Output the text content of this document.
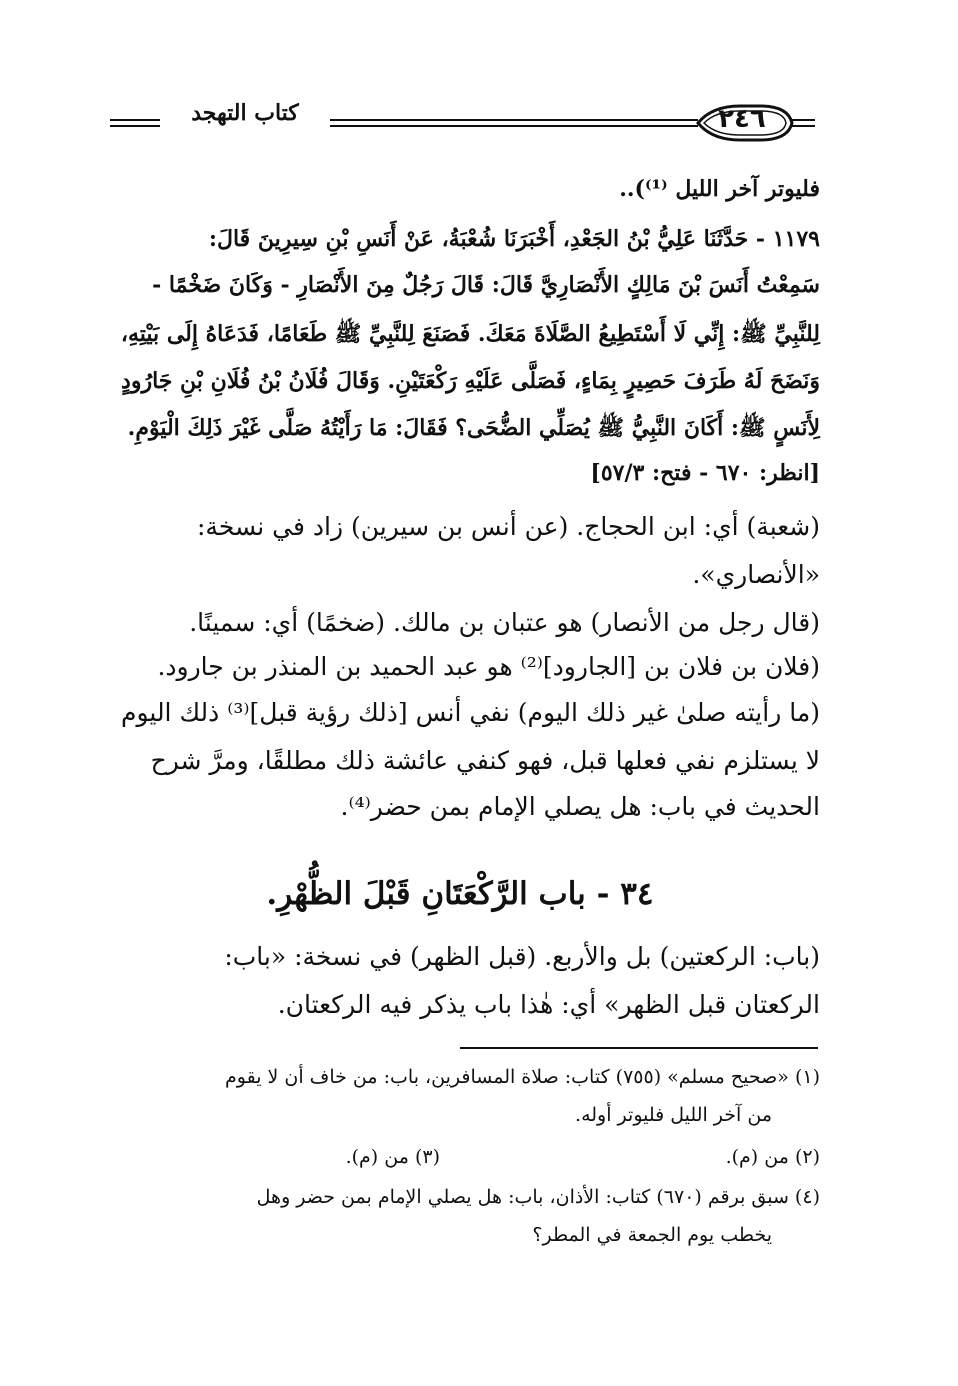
كتاب التهجد	٢٤٦
فليوتر آخر الليل ⁽¹⁾)..
١١٧٩ - حَدَّثَنَا عَلِيُّ بْنُ الجَعْدِ، أَخْبَرَنَا شُعْبَةُ، عَنْ أَنَسِ بْنِ سِيرِينَ قَالَ:
سَمِعْتُ أَنَسَ بْنَ مَالِكٍ الأَنْصَارِيَّ قَالَ: قَالَ رَجُلٌ مِنَ الأَنْصَارِ - وَكَانَ ضَخْمًا -
لِلنَّبِيِّ ﷺ: إِنِّي لَا أَسْتَطِيعُ الصَّلَاةَ مَعَكَ. فَصَنَعَ لِلنَّبِيِّ ﷺ طَعَامًا، فَدَعَاهُ إِلَى بَيْتِهِ،
وَنَضَحَ لَهُ طَرَفَ حَصِيرٍ بِمَاءٍ، فَصَلَّى عَلَيْهِ رَكْعَتَيْنِ. وَقَالَ فُلَانُ بْنُ فُلَانِ بْنِ جَارُودٍ
لِأَنَسٍ ﷺ: أَكَانَ النَّبِيُّ ﷺ يُصَلِّي الضُّحَى؟ فَقَالَ: مَا رَأَيْتُهُ صَلَّى غَيْرَ ذَلِكَ الْيَوْمِ.
[انظر: ٦٧٠ - فتح: ٥٧/٣]
(شعبة) أي: ابن الحجاج. (عن أنس بن سيرين) زاد في نسخة:
«الأنصاري».
(قال رجل من الأنصار) هو عتبان بن مالك. (ضخمًا) أي: سمينًا.
(فلان بن فلان بن [الجارود]⁽²⁾ هو عبد الحميد بن المنذر بن جارود.
(ما رأيته صلىٰ غير ذلك اليوم) نفي أنس [ذلك رؤية قبل]⁽³⁾ ذلك اليوم
لا يستلزم نفي فعلها قبل، فهو كنفي عائشة ذلك مطلقًا، ومرَّ شرح
الحديث في باب: هل يصلي الإمام بمن حضر⁽⁴⁾.
٣٤ - باب الرَّكْعَتَانِ قَبْلَ الظُّهْرِ.
(باب: الركعتين) بل والأربع. (قبل الظهر) في نسخة: «باب:
الركعتان قبل الظهر» أي: هٰذا باب يذكر فيه الركعتان.
(١) «صحيح مسلم» (٧٥٥) كتاب: صلاة المسافرين، باب: من خاف أن لا يقوم
من آخر الليل فليوتر أوله.
(٢) من (م).
(٣) من (م).
(٤) سبق برقم (٦٧٠) كتاب: الأذان، باب: هل يصلي الإمام بمن حضر وهل
يخطب يوم الجمعة في المطر؟
